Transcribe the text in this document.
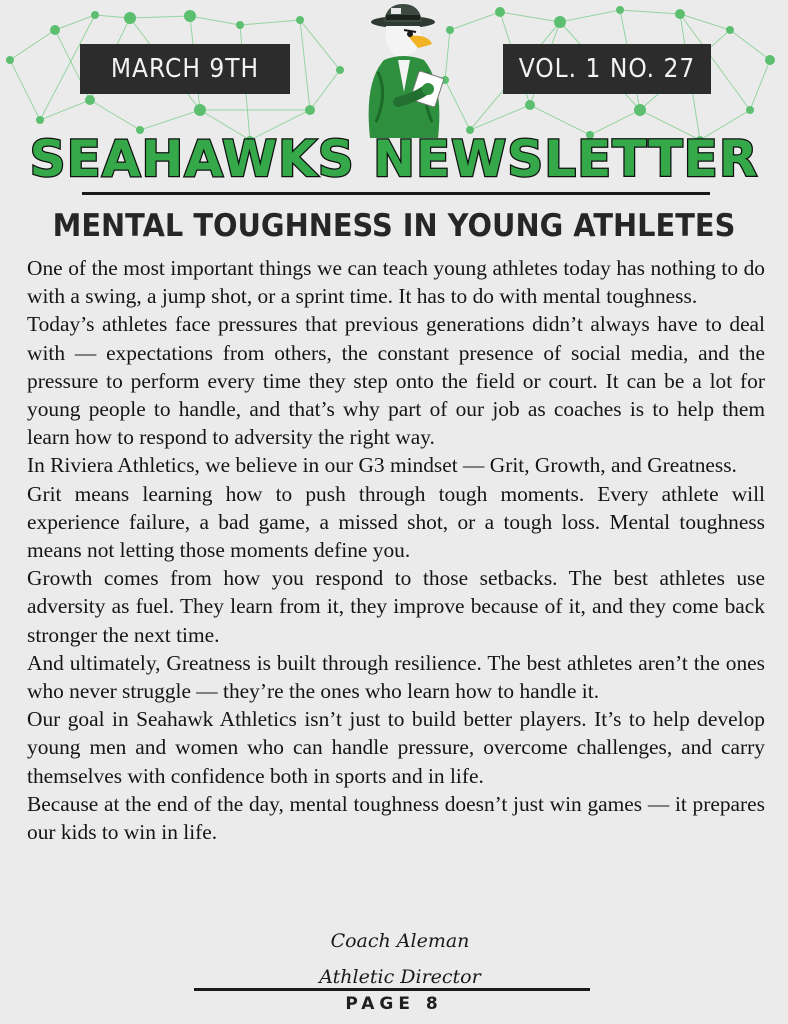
MARCH 9TH	VOL. 1 NO. 27
SEAHAWKS NEWSLETTER
MENTAL TOUGHNESS IN YOUNG ATHLETES

One of the most important things we can teach young athletes today has nothing to do with a swing, a jump shot, or a sprint time. It has to do with mental toughness.

Today’s athletes face pressures that previous generations didn’t always have to deal with — expectations from others, the constant presence of social media, and the pressure to perform every time they step onto the field or court. It can be a lot for young people to handle, and that’s why part of our job as coaches is to help them learn how to respond to adversity the right way.

In Riviera Athletics, we believe in our G3 mindset — Grit, Growth, and Greatness.

Grit means learning how to push through tough moments. Every athlete will experience failure, a bad game, a missed shot, or a tough loss. Mental toughness means not letting those moments define you.

Growth comes from how you respond to those setbacks. The best athletes use adversity as fuel. They learn from it, they improve because of it, and they come back stronger the next time.

And ultimately, Greatness is built through resilience. The best athletes aren’t the ones who never struggle — they’re the ones who learn how to handle it.

Our goal in Seahawk Athletics isn’t just to build better players. It’s to help develop young men and women who can handle pressure, overcome challenges, and carry themselves with confidence both in sports and in life.

Because at the end of the day, mental toughness doesn’t just win games — it prepares our kids to win in life.

Coach Aleman
Athletic Director
PAGE 8
